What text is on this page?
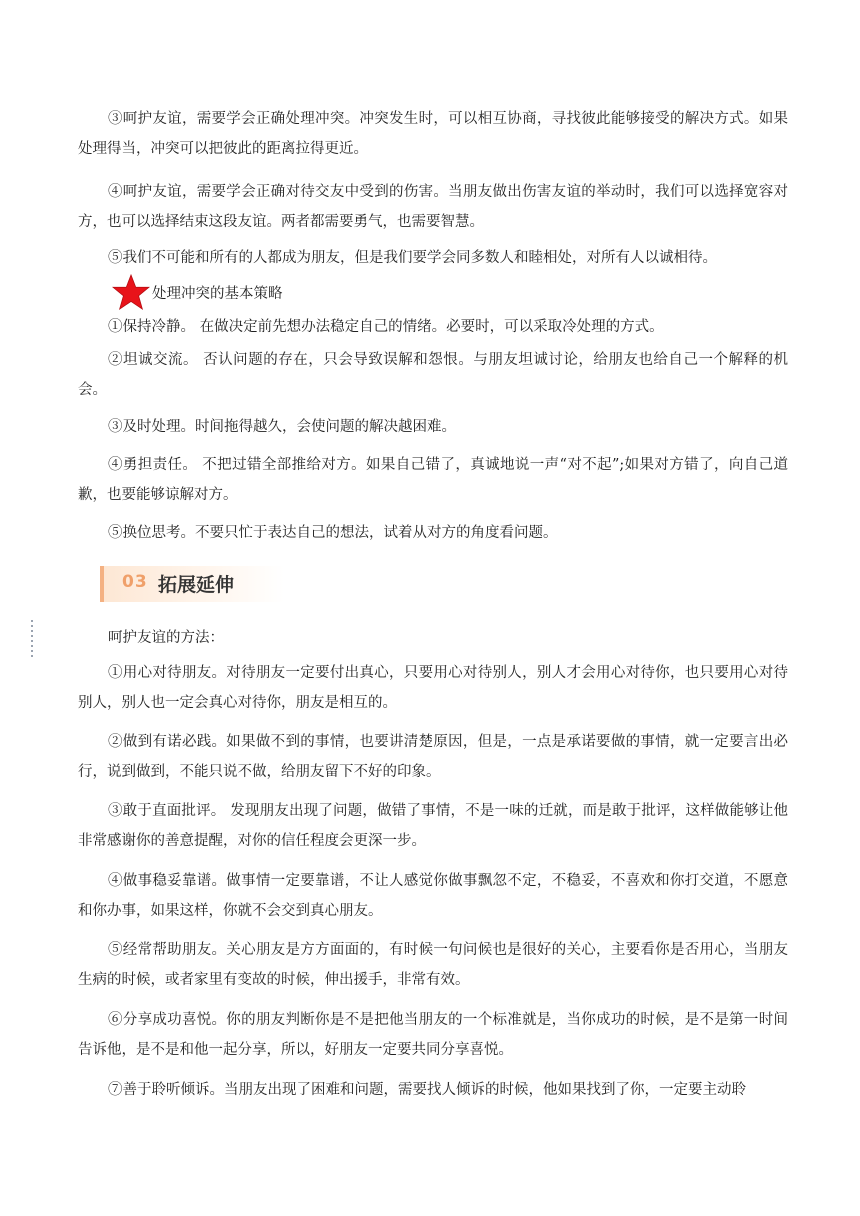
③呵护友谊，需要学会正确处理冲突。冲突发生时，可以相互协商，寻找彼此能够接受的解决方式。如果处理得当，冲突可以把彼此的距离拉得更近。
④呵护友谊，需要学会正确对待交友中受到的伤害。当朋友做出伤害友谊的举动时，我们可以选择宽容对方，也可以选择结束这段友谊。两者都需要勇气，也需要智慧。
⑤我们不可能和所有的人都成为朋友，但是我们要学会同多数人和睦相处，对所有人以诚相待。
处理冲突的基本策略
①保持冷静。 在做决定前先想办法稳定自己的情绪。必要时，可以采取冷处理的方式。
②坦诚交流。 否认问题的存在，只会导致误解和怨恨。与朋友坦诚讨论，给朋友也给自己一个解释的机会。
③及时处理。时间拖得越久，会使问题的解决越困难。
④勇担责任。 不把过错全部推给对方。如果自己错了，真诚地说一声“对不起”;如果对方错了，向自己道歉，也要能够谅解对方。
⑤换位思考。不要只忙于表达自己的想法，试着从对方的角度看问题。
03 拓展延伸
呵护友谊的方法：
①用心对待朋友。对待朋友一定要付出真心，只要用心对待别人，别人才会用心对待你，也只要用心对待别人，别人也一定会真心对待你，朋友是相互的。
②做到有诺必践。如果做不到的事情，也要讲清楚原因，但是，一点是承诺要做的事情，就一定要言出必行，说到做到，不能只说不做，给朋友留下不好的印象。
③敢于直面批评。 发现朋友出现了问题，做错了事情，不是一味的迁就，而是敢于批评，这样做能够让他非常感谢你的善意提醒，对你的信任程度会更深一步。
④做事稳妥靠谱。做事情一定要靠谱，不让人感觉你做事飘忽不定，不稳妥，不喜欢和你打交道，不愿意和你办事，如果这样，你就不会交到真心朋友。
⑤经常帮助朋友。关心朋友是方方面面的，有时候一句问候也是很好的关心，主要看你是否用心，当朋友生病的时候，或者家里有变故的时候，伸出援手，非常有效。
⑥分享成功喜悦。你的朋友判断你是不是把他当朋友的一个标准就是，当你成功的时候，是不是第一时间告诉他，是不是和他一起分享，所以，好朋友一定要共同分享喜悦。
⑦善于聆听倾诉。当朋友出现了困难和问题，需要找人倾诉的时候，他如果找到了你，一定要主动聆
